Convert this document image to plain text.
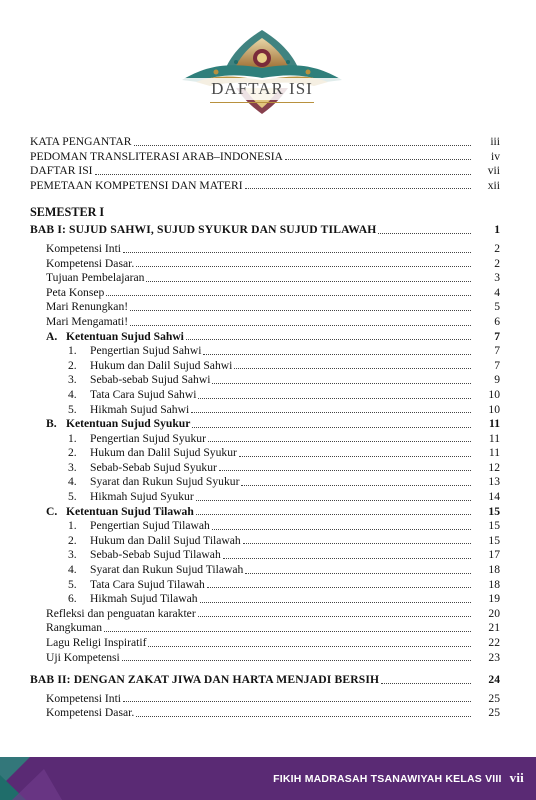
DAFTAR ISI
KATA PENGANTAR	iii
PEDOMAN TRANSLITERASI ARAB–INDONESIA	iv
DAFTAR ISI	vii
PEMETAAN KOMPETENSI DAN MATERI	xii
SEMESTER I
BAB I: SUJUD SAHWI, SUJUD SYUKUR DAN SUJUD TILAWAH	1
Kompetensi Inti	2
Kompetensi Dasar.	2
Tujuan Pembelajaran	3
Peta Konsep	4
Mari Renungkan!	5
Mari Mengamati!	6
A. Ketentuan Sujud Sahwi	7
1. Pengertian Sujud Sahwi	7
2. Hukum dan Dalil Sujud Sahwi	7
3. Sebab-sebab Sujud Sahwi	9
4. Tata Cara Sujud Sahwi	10
5. Hikmah Sujud Sahwi	10
B. Ketentuan Sujud Syukur	11
1. Pengertian Sujud Syukur	11
2. Hukum dan Dalil Sujud Syukur	11
3. Sebab-Sebab Sujud Syukur	12
4. Syarat dan Rukun Sujud Syukur	13
5. Hikmah Sujud Syukur	14
C. Ketentuan Sujud Tilawah	15
1. Pengertian Sujud Tilawah	15
2. Hukum dan Dalil Sujud Tilawah	15
3. Sebab-Sebab Sujud Tilawah	17
4. Syarat dan Rukun Sujud Tilawah	18
5. Tata Cara Sujud Tilawah	18
6. Hikmah Sujud Tilawah	19
Refleksi dan penguatan karakter	20
Rangkuman	21
Lagu Religi Inspiratif	22
Uji Kompetensi	23
BAB II: DENGAN ZAKAT JIWA DAN HARTA MENJADI BERSIH	24
Kompetensi Inti	25
Kompetensi Dasar.	25
FIKIH MADRASAH TSANAWIYAH KELAS VIII vii
